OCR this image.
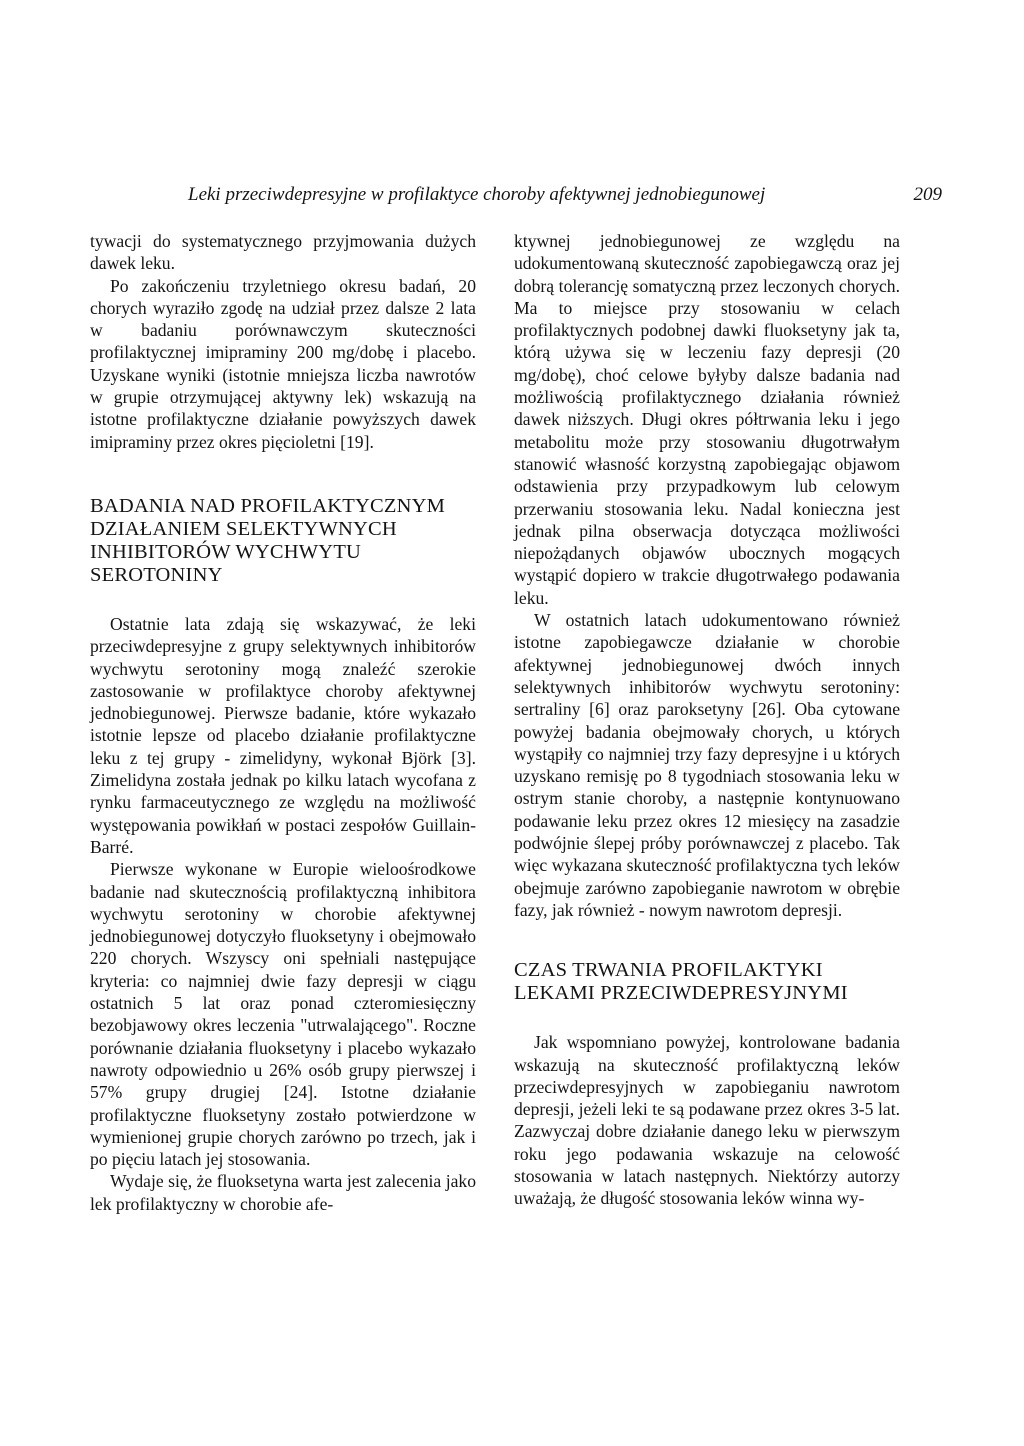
Leki przeciwdepresyjne w profilaktyce choroby afektywnej jednobiegunowej	209

tywacji do systematycznego przyjmowania dużych dawek leku.

Po zakończeniu trzyletniego okresu badań, 20 chorych wyraziło zgodę na udział przez dalsze 2 lata w badaniu porównawczym skuteczności profilaktycznej imipraminy 200 mg/dobę i placebo. Uzyskane wyniki (istotnie mniejsza liczba nawrotów w grupie otrzymującej aktywny lek) wskazują na istotne profilaktyczne działanie powyższych dawek imipraminy przez okres pięcioletni [19].

BADANIA NAD PROFILAKTYCZNYM DZIAŁANIEM SELEKTYWNYCH INHIBITORÓW WYCHWYTU SEROTONINY

Ostatnie lata zdają się wskazywać, że leki przeciwdepresyjne z grupy selektywnych inhibitorów wychwytu serotoniny mogą znaleźć szerokie zastosowanie w profilaktyce choroby afektywnej jednobiegunowej. Pierwsze badanie, które wykazało istotnie lepsze od placebo działanie profilaktyczne leku z tej grupy - zimelidyny, wykonał Björk [3]. Zimelidyna została jednak po kilku latach wycofana z rynku farmaceutycznego ze względu na możliwość występowania powikłań w postaci zespołów Guillain-Barré.

Pierwsze wykonane w Europie wieloośrodkowe badanie nad skutecznością profilaktyczną inhibitora wychwytu serotoniny w chorobie afektywnej jednobiegunowej dotyczyło fluoksetyny i obejmowało 220 chorych. Wszyscy oni spełniali następujące kryteria: co najmniej dwie fazy depresji w ciągu ostatnich 5 lat oraz ponad czteromiesięczny bezobjawowy okres leczenia "utrwalającego". Roczne porównanie działania fluoksetyny i placebo wykazało nawroty odpowiednio u 26% osób grupy pierwszej i 57% grupy drugiej [24]. Istotne działanie profilaktyczne fluoksetyny zostało potwierdzone w wymienionej grupie chorych zarówno po trzech, jak i po pięciu latach jej stosowania.

Wydaje się, że fluoksetyna warta jest zalecenia jako lek profilaktyczny w chorobie afe-

ktywnej jednobiegunowej ze względu na udokumentowaną skuteczność zapobiegawczą oraz jej dobrą tolerancję somatyczną przez leczonych chorych. Ma to miejsce przy stosowaniu w celach profilaktycznych podobnej dawki fluoksetyny jak ta, którą używa się w leczeniu fazy depresji (20 mg/dobę), choć celowe byłyby dalsze badania nad możliwością profilaktycznego działania również dawek niższych. Długi okres półtrwania leku i jego metabolitu może przy stosowaniu długotrwałym stanowić własność korzystną zapobiegając objawom odstawienia przy przypadkowym lub celowym przerwaniu stosowania leku. Nadal konieczna jest jednak pilna obserwacja dotycząca możliwości niepożądanych objawów ubocznych mogących wystąpić dopiero w trakcie długotrwałego podawania leku.

W ostatnich latach udokumentowano również istotne zapobiegawcze działanie w chorobie afektywnej jednobiegunowej dwóch innych selektywnych inhibitorów wychwytu serotoniny: sertraliny [6] oraz paroksetyny [26]. Oba cytowane powyżej badania obejmowały chorych, u których wystąpiły co najmniej trzy fazy depresyjne i u których uzyskano remisję po 8 tygodniach stosowania leku w ostrym stanie choroby, a następnie kontynuowano podawanie leku przez okres 12 miesięcy na zasadzie podwójnie ślepej próby porównawczej z placebo. Tak więc wykazana skuteczność profilaktyczna tych leków obejmuje zarówno zapobieganie nawrotom w obrębie fazy, jak również - nowym nawrotom depresji.

CZAS TRWANIA PROFILAKTYKI LEKAMI PRZECIWDEPRESYJNYMI

Jak wspomniano powyżej, kontrolowane badania wskazują na skuteczność profilaktyczną leków przeciwdepresyjnych w zapobieganiu nawrotom depresji, jeżeli leki te są podawane przez okres 3-5 lat. Zazwyczaj dobre działanie danego leku w pierwszym roku jego podawania wskazuje na celowość stosowania w latach następnych. Niektórzy autorzy uważają, że długość stosowania leków winna wy-
